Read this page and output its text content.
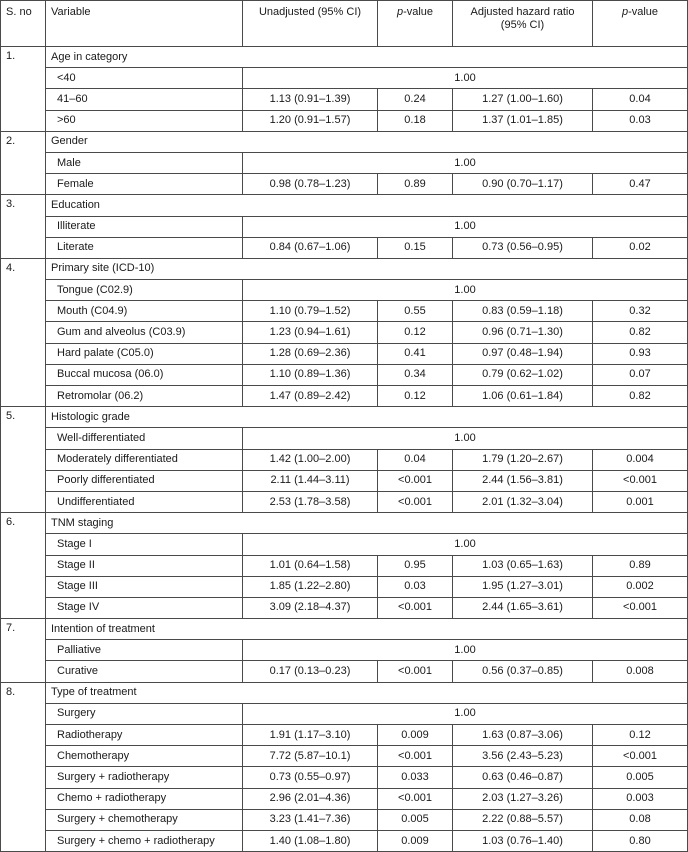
S. no	Variable	Unadjusted (95% CI)	p-value	Adjusted hazard ratio (95% CI)	p-value
1.	Age in category				
	<40	1.00			
	41–60	1.13 (0.91–1.39)	0.24	1.27 (1.00–1.60)	0.04
	>60	1.20 (0.91–1.57)	0.18	1.37 (1.01–1.85)	0.03
2.	Gender				
	Male	1.00			
	Female	0.98 (0.78–1.23)	0.89	0.90 (0.70–1.17)	0.47
3.	Education				
	Illiterate	1.00			
	Literate	0.84 (0.67–1.06)	0.15	0.73 (0.56–0.95)	0.02
4.	Primary site (ICD-10)				
	Tongue (C02.9)	1.00			
	Mouth (C04.9)	1.10 (0.79–1.52)	0.55	0.83 (0.59–1.18)	0.32
	Gum and alveolus (C03.9)	1.23 (0.94–1.61)	0.12	0.96 (0.71–1.30)	0.82
	Hard palate (C05.0)	1.28 (0.69–2.36)	0.41	0.97 (0.48–1.94)	0.93
	Buccal mucosa (06.0)	1.10 (0.89–1.36)	0.34	0.79 (0.62–1.02)	0.07
	Retromolar (06.2)	1.47 (0.89–2.42)	0.12	1.06 (0.61–1.84)	0.82
5.	Histologic grade				
	Well-differentiated	1.00			
	Moderately differentiated	1.42 (1.00–2.00)	0.04	1.79 (1.20–2.67)	0.004
	Poorly differentiated	2.11 (1.44–3.11)	<0.001	2.44 (1.56–3.81)	<0.001
	Undifferentiated	2.53 (1.78–3.58)	<0.001	2.01 (1.32–3.04)	0.001
6.	TNM staging				
	Stage I	1.00			
	Stage II	1.01 (0.64–1.58)	0.95	1.03 (0.65–1.63)	0.89
	Stage III	1.85 (1.22–2.80)	0.03	1.95 (1.27–3.01)	0.002
	Stage IV	3.09 (2.18–4.37)	<0.001	2.44 (1.65–3.61)	<0.001
7.	Intention of treatment				
	Palliative	1.00			
	Curative	0.17 (0.13–0.23)	<0.001	0.56 (0.37–0.85)	0.008
8.	Type of treatment				
	Surgery	1.00			
	Radiotherapy	1.91 (1.17–3.10)	0.009	1.63 (0.87–3.06)	0.12
	Chemotherapy	7.72 (5.87–10.1)	<0.001	3.56 (2.43–5.23)	<0.001
	Surgery + radiotherapy	0.73 (0.55–0.97)	0.033	0.63 (0.46–0.87)	0.005
	Chemo + radiotherapy	2.96 (2.01–4.36)	<0.001	2.03 (1.27–3.26)	0.003
	Surgery + chemotherapy	3.23 (1.41–7.36)	0.005	2.22 (0.88–5.57)	0.08
	Surgery + chemo + radiotherapy	1.40 (1.08–1.80)	0.009	1.03 (0.76–1.40)	0.80
